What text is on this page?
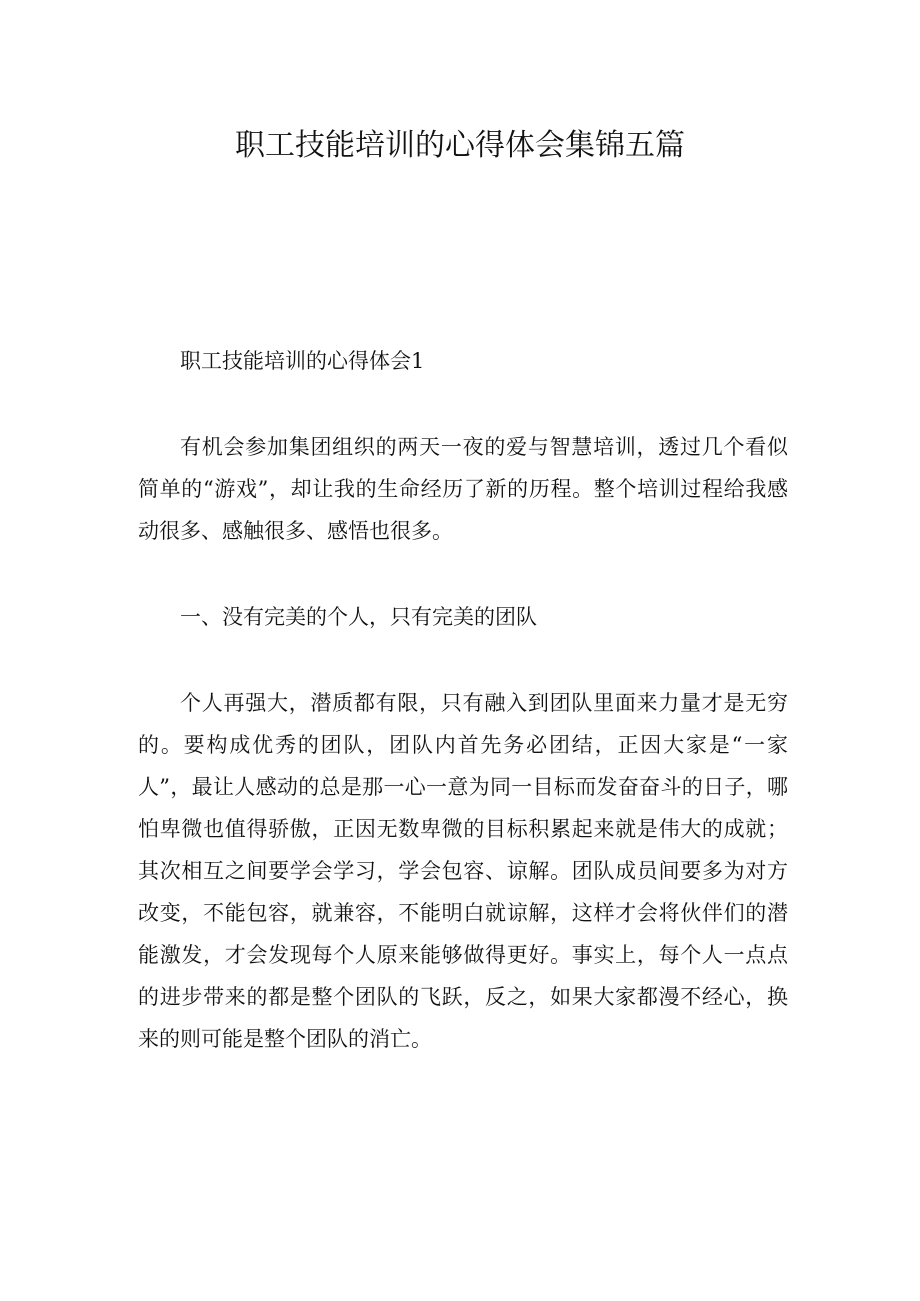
职工技能培训的心得体会集锦五篇

职工技能培训的心得体会1

有机会参加集团组织的两天一夜的爱与智慧培训，透过几个看似简单的“游戏”，却让我的生命经历了新的历程。整个培训过程给我感动很多、感触很多、感悟也很多。

一、没有完美的个人，只有完美的团队

个人再强大，潜质都有限，只有融入到团队里面来力量才是无穷的。要构成优秀的团队，团队内首先务必团结，正因大家是“一家人”，最让人感动的总是那一心一意为同一目标而发奋奋斗的日子，哪怕卑微也值得骄傲，正因无数卑微的目标积累起来就是伟大的成就；其次相互之间要学会学习，学会包容、谅解。团队成员间要多为对方改变，不能包容，就兼容，不能明白就谅解，这样才会将伙伴们的潜能激发，才会发现每个人原来能够做得更好。事实上，每个人一点点的进步带来的都是整个团队的飞跃，反之，如果大家都漫不经心，换来的则可能是整个团队的消亡。
